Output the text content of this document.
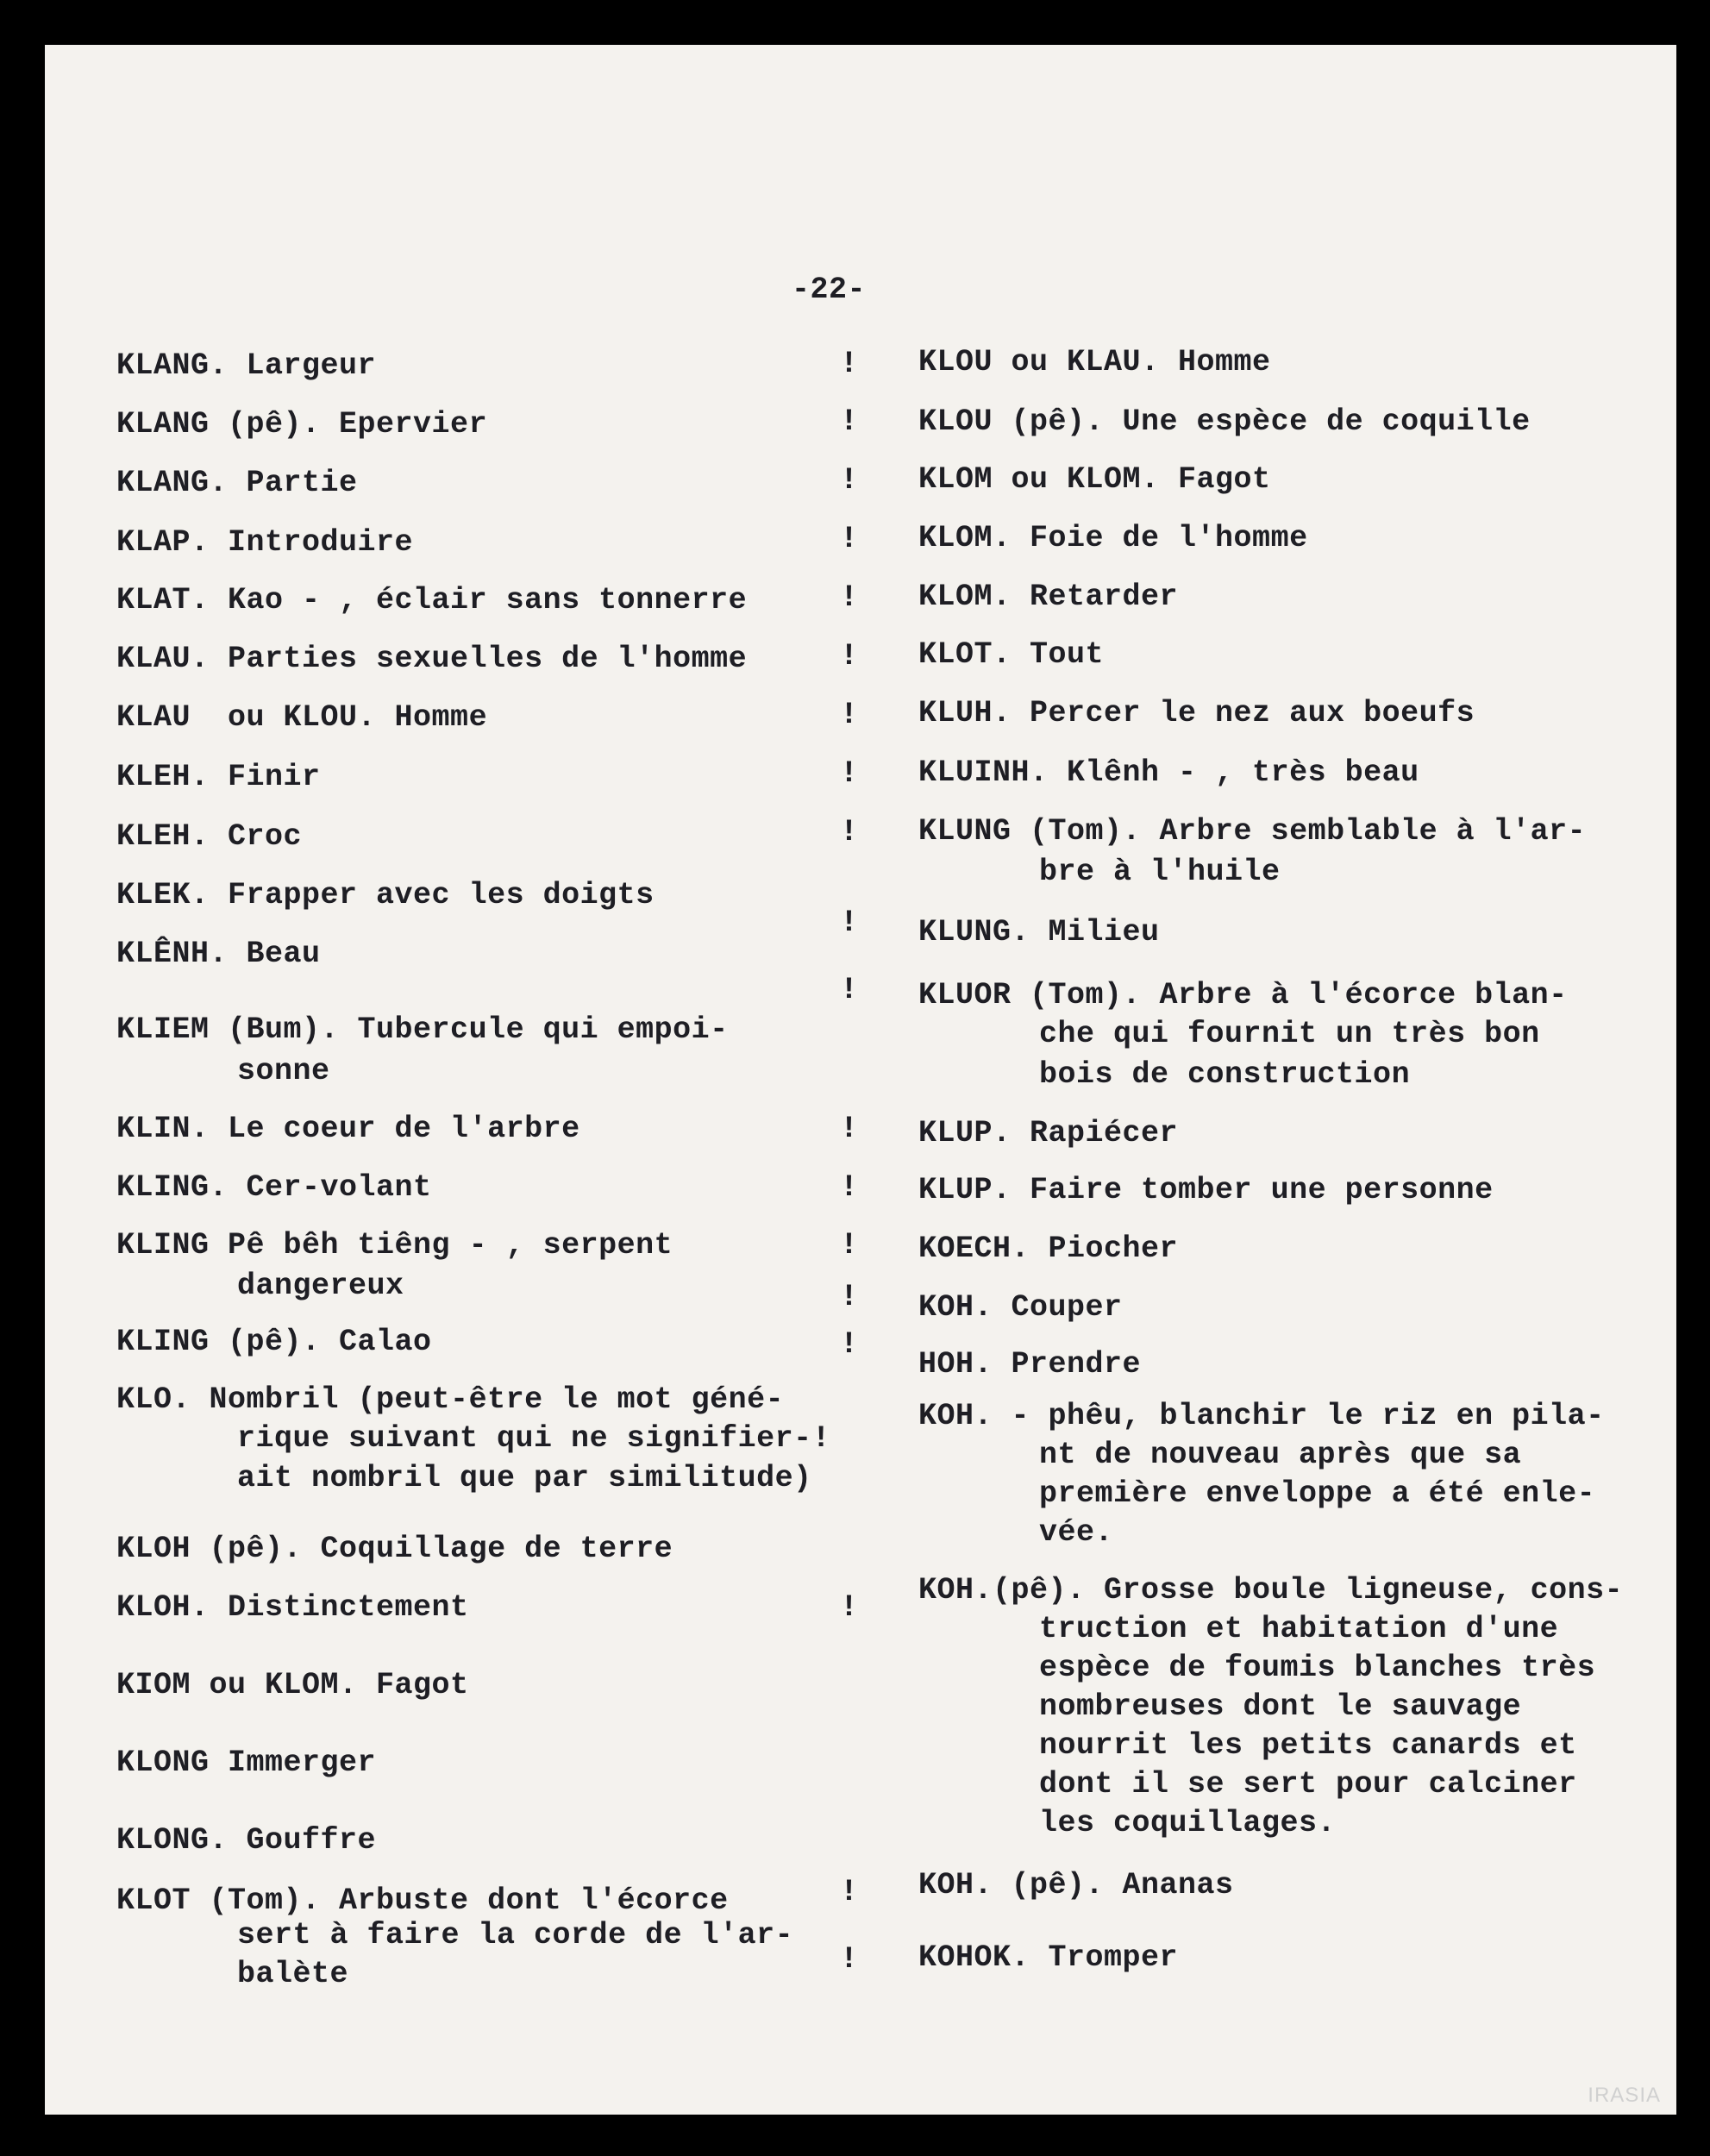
-22-
KLANG. Largeur
KLANG (pê). Epervier
KLANG. Partie
KLAP. Introduire
KLAT. Kao - , éclair sans tonnerre
KLAU. Parties sexuelles de l'homme
KLAU  ou KLOU. Homme
KLEH. Finir
KLEH. Croc
KLEK. Frapper avec les doigts
KLÊNH. Beau
KLIEM (Bum). Tubercule qui empoi-
sonne
KLIN. Le coeur de l'arbre
KLING. Cer-volant
KLING Pê bêh tiêng - , serpent
dangereux
KLING (pê). Calao
KLO. Nombril (peut-être le mot géné-
rique suivant qui ne signifier-!
ait nombril que par similitude)
KLOH (pê). Coquillage de terre
KLOH. Distinctement
KIOM ou KLOM. Fagot
KLONG Immerger
KLONG. Gouffre
KLOT (Tom). Arbuste dont l'écorce
sert à faire la corde de l'ar-
balète
!
!
!
!
!
!
!
!
!
!
!
!
!
!
!
!
!
!
!
KLOU ou KLAU. Homme
KLOU (pê). Une espèce de coquille
KLOM ou KLOM. Fagot
KLOM. Foie de l'homme
KLOM. Retarder
KLOT. Tout
KLUH. Percer le nez aux boeufs
KLUINH. Klênh - , très beau
KLUNG (Tom). Arbre semblable à l'ar-
bre à l'huile
KLUNG. Milieu
KLUOR (Tom). Arbre à l'écorce blan-
che qui fournit un très bon
bois de construction
KLUP. Rapiécer
KLUP. Faire tomber une personne
KOECH. Piocher
KOH. Couper
HOH. Prendre
KOH. - phêu, blanchir le riz en pila-
nt de nouveau après que sa
première enveloppe a été enle-
vée.
KOH.(pê). Grosse boule ligneuse, cons-
truction et habitation d'une
espèce de foumis blanches très
nombreuses dont le sauvage
nourrit les petits canards et
dont il se sert pour calciner
les coquillages.
KOH. (pê). Ananas
KOHOK. Tromper
IRASIA
